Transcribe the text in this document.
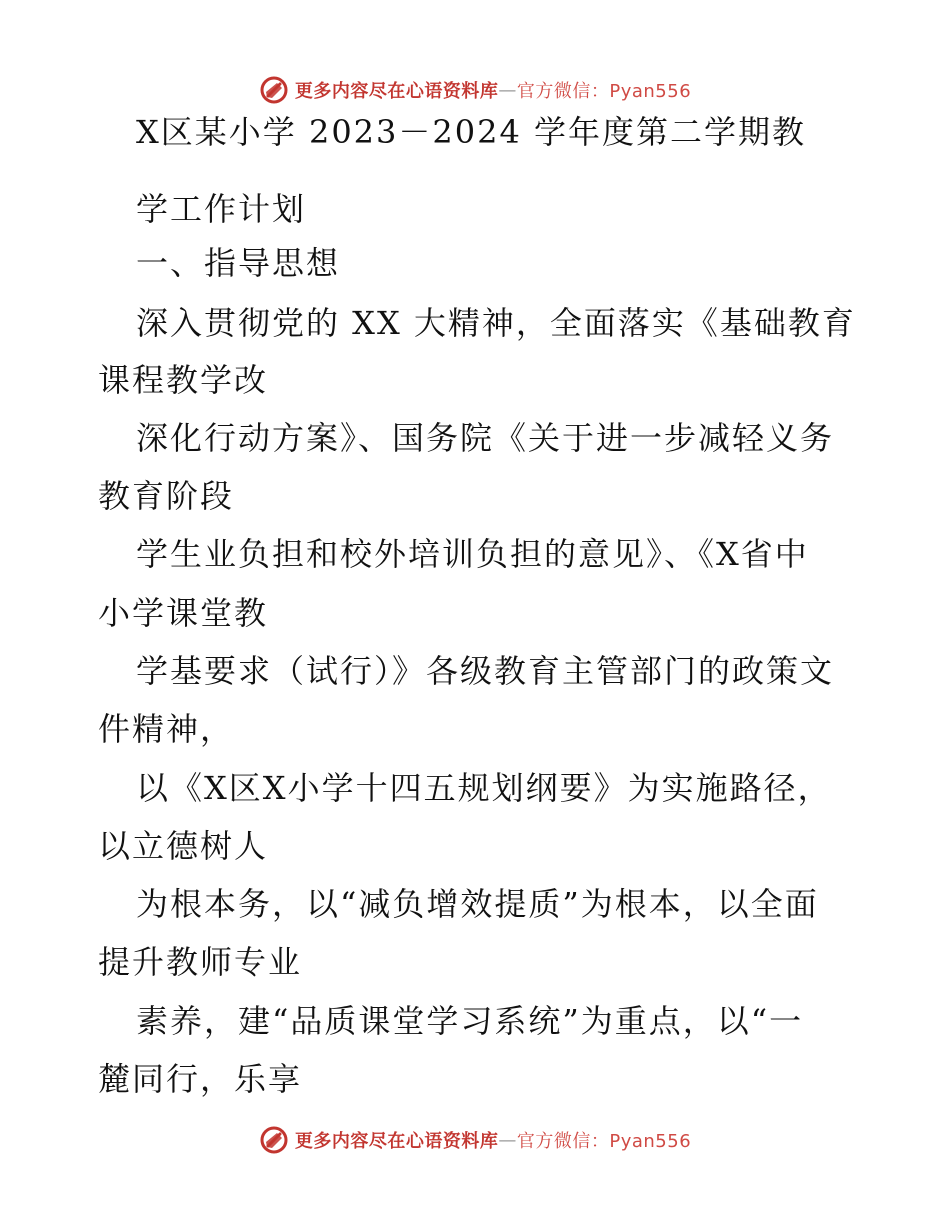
更多内容尽在心语资料库 — 官方微信：Pyan556
X区某小学 2023－2024 学年度第二学期教
学工作计划
一、指导思想
深入贯彻党的 XX 大精神，全面落实《基础教育
课程教学改
深化行动方案》、国务院《关于进一步减轻义务
教育阶段
学生业负担和校外培训负担的意见》、《X省中
小学课堂教
学基要求（试行）》各级教育主管部门的政策文
件精神，
以《X区X小学十四五规划纲要》为实施路径，
以立德树人
为根本务，以“减负增效提质”为根本，以全面
提升教师专业
素养，建“品质课堂学习系统”为重点，以“一
麓同行，乐享
更多内容尽在心语资料库 — 官方微信：Pyan556
